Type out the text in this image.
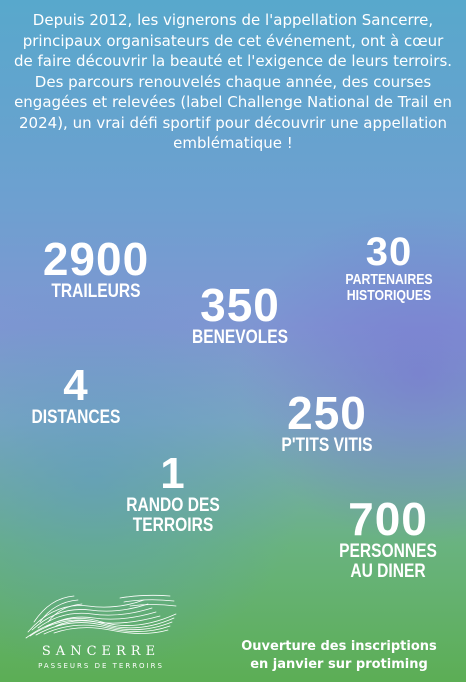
Depuis 2012, les vignerons de l'appellation Sancerre, principaux organisateurs de cet événement, ont à cœur de faire découvrir la beauté et l'exigence de leurs terroirs.

Des parcours renouvelés chaque année, des courses engagées et relevées (label Challenge National de Trail en 2024), un vrai défi sportif pour découvrir une appellation emblématique !

2900
TRAILEURS
30
PARTENAIRES
HISTORIQUES
350
BENEVOLES
4
DISTANCES	250
P'TITS VITIS
1
RANDO DES
TERROIRS	700
PERSONNES
AU DINER
SANCERRE
PASSEURS DE TERROIRS
Ouverture des inscriptions
en janvier sur protiming
